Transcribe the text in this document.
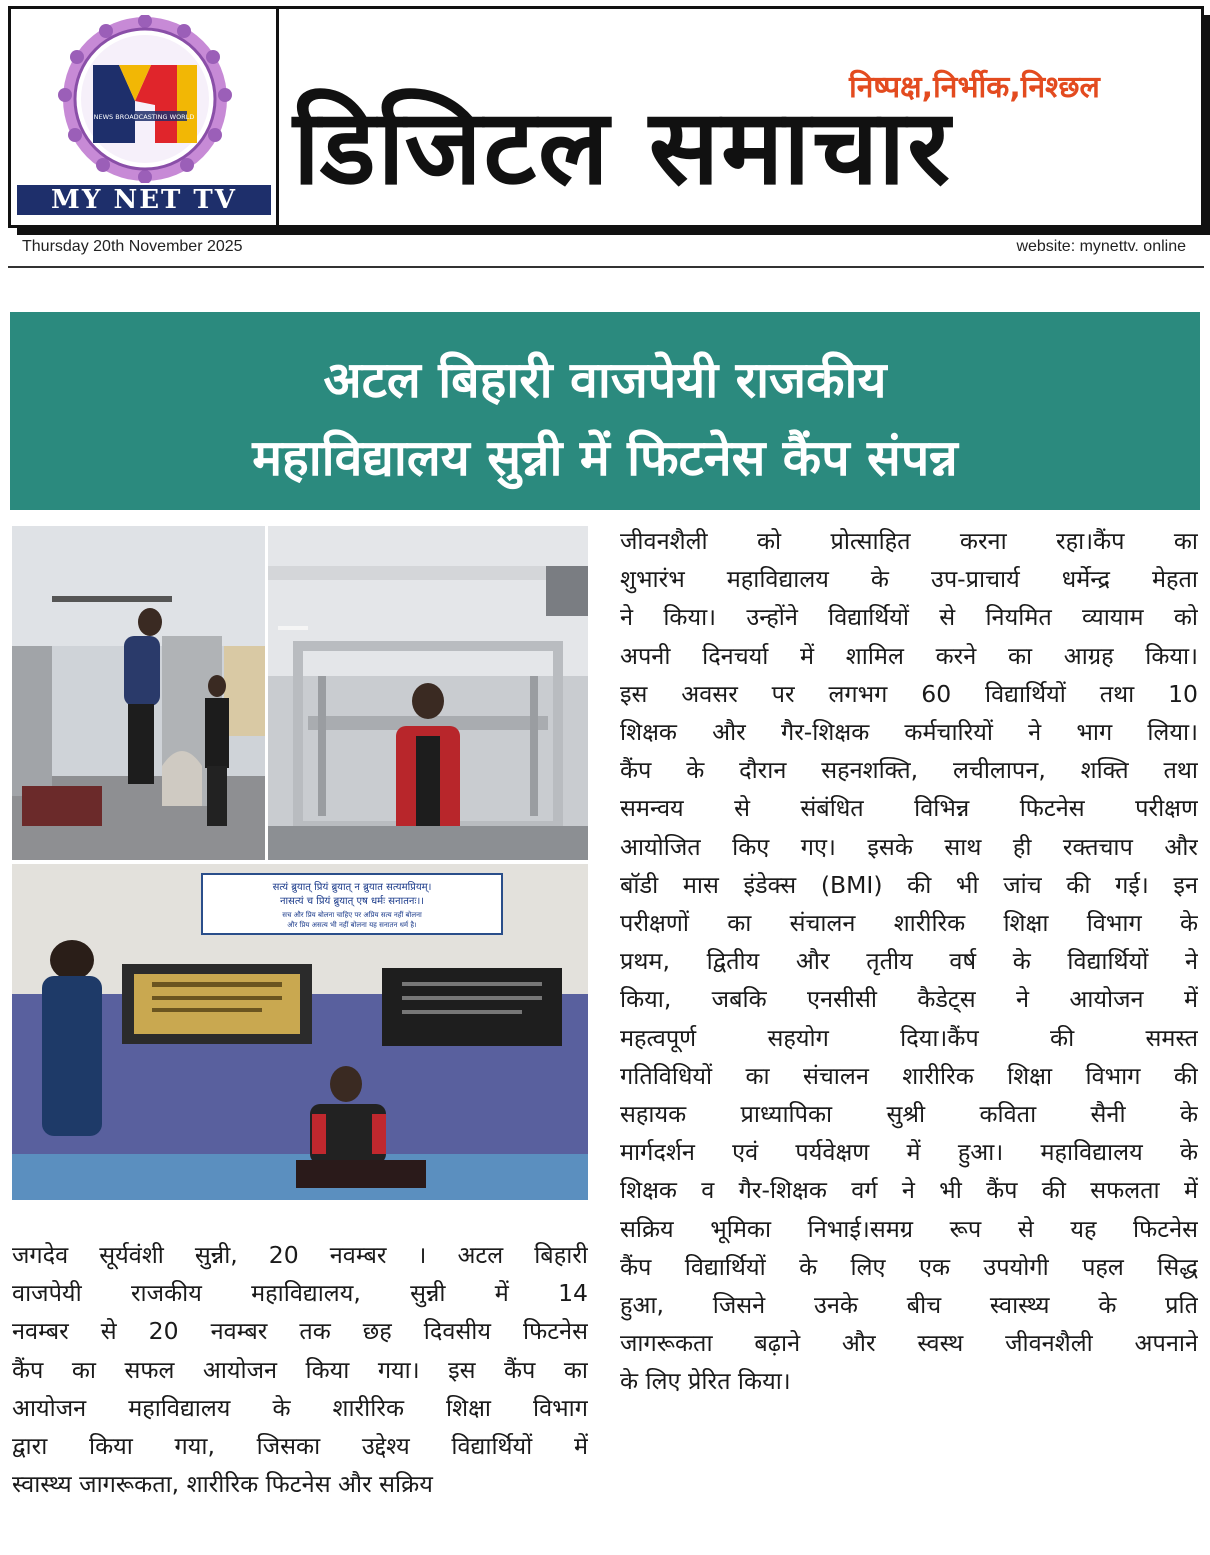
NEWS BROADCASTING WORLD
MY NET TV
निष्पक्ष,निर्भीक,निश्छल
डिजिटल समाचार
Thursday 20th November 2025	website: mynettv. online
अटल बिहारी वाजपेयी राजकीय
महाविद्यालय सुन्नी में फिटनेस कैंप संपन्न
सत्यं ब्रुयात् प्रियं ब्रुयात् न ब्रुयात सत्यमप्रियम्।
नासत्यं च प्रियं ब्रुयात् एष धर्मः सनातनः।।
सच और प्रिय बोलना चाहिए पर अप्रिय सत्य नहीं बोलना
और प्रिय असत्य भी नहीं बोलना यह सनातन धर्म है।
जीवनशैली को प्रोत्साहित करना रहा।कैंप का
शुभारंभ महाविद्यालय के उप-प्राचार्य धर्मेन्द्र मेहता
ने किया। उन्होंने विद्यार्थियों से नियमित व्यायाम को
अपनी दिनचर्या में शामिल करने का आग्रह किया।
इस अवसर पर लगभग 60 विद्यार्थियों तथा 10
शिक्षक और गैर-शिक्षक कर्मचारियों ने भाग लिया।
कैंप के दौरान सहनशक्ति, लचीलापन, शक्ति तथा
समन्वय से संबंधित विभिन्न फिटनेस परीक्षण
आयोजित किए गए। इसके साथ ही रक्तचाप और
बॉडी मास इंडेक्स (BMI) की भी जांच की गई। इन
परीक्षणों का संचालन शारीरिक शिक्षा विभाग के
प्रथम, द्वितीय और तृतीय वर्ष के विद्यार्थियों ने
किया, जबकि एनसीसी कैडेट्स ने आयोजन में
महत्वपूर्ण सहयोग दिया।कैंप की समस्त
गतिविधियों का संचालन शारीरिक शिक्षा विभाग की
सहायक प्राध्यापिका सुश्री कविता सैनी के
मार्गदर्शन एवं पर्यवेक्षण में हुआ। महाविद्यालय के
शिक्षक व गैर-शिक्षक वर्ग ने भी कैंप की सफलता में
सक्रिय भूमिका निभाई।समग्र रूप से यह फिटनेस
कैंप विद्यार्थियों के लिए एक उपयोगी पहल सिद्ध
हुआ, जिसने उनके बीच स्वास्थ्य के प्रति
जागरूकता बढ़ाने और स्वस्थ जीवनशैली अपनाने
के लिए प्रेरित किया।
जगदेव सूर्यवंशी सुन्नी, 20 नवम्बर । अटल बिहारी
वाजपेयी राजकीय महाविद्यालय, सुन्नी में 14
नवम्बर से 20 नवम्बर तक छह दिवसीय फिटनेस
कैंप का सफल आयोजन किया गया। इस कैंप का
आयोजन महाविद्यालय के शारीरिक शिक्षा विभाग
द्वारा किया गया, जिसका उद्देश्य विद्यार्थियों में
स्वास्थ्य जागरूकता, शारीरिक फिटनेस और सक्रिय
